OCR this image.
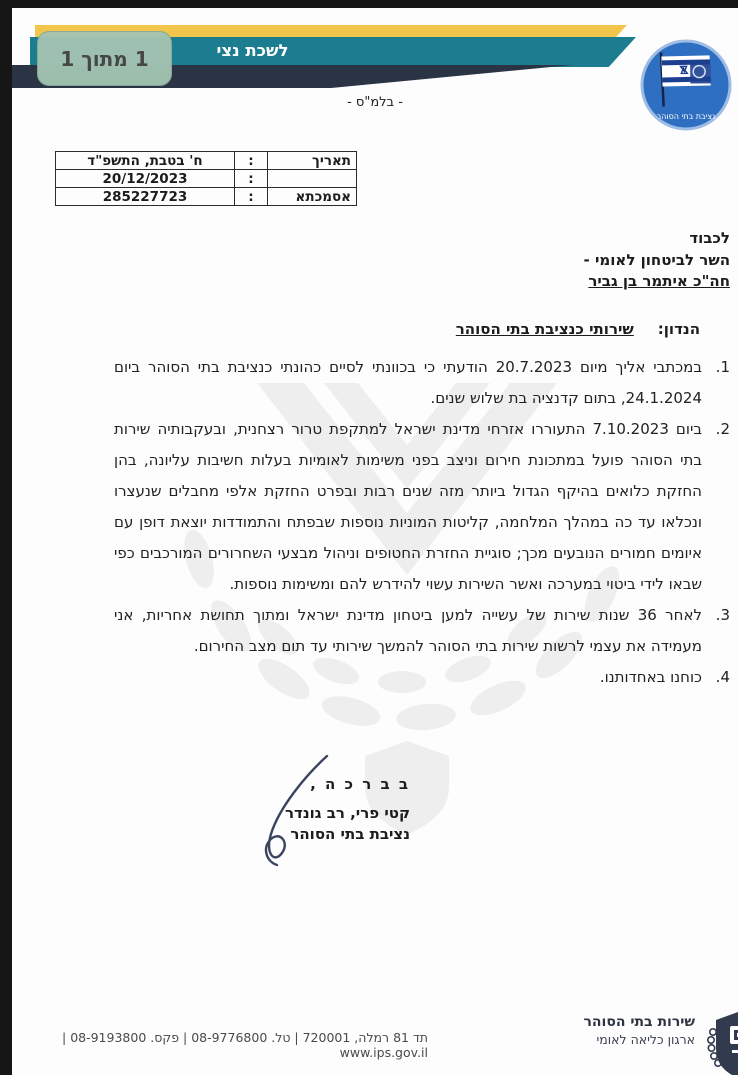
לשכת נצי
1 מתוך 1
- בלמ"ס -
נציבת בתי הסוהר
תאריך	:	ח' בטבת, התשפ"ד
	:	20/12/2023
אסמכתא	:	285227723
לכבוד
השר לביטחון לאומי -
חה"כ איתמר בן גביר
הנדון:
שירותי כנציבת בתי הסוהר
1.
במכתבי אליך מיום 20.7.2023 הודעתי כי בכוונתי לסיים כהונתי כנציבת בתי הסוהר ביום 24.1.2024, בתום קדנציה בת שלוש שנים.
2.
ביום 7.10.2023 התעוררו אזרחי מדינת ישראל למתקפת טרור רצחנית, ובעקבותיה שירות בתי הסוהר פועל במתכונת חירום וניצב בפני משימות לאומיות בעלות חשיבות עליונה, בהן החזקת כלואים בהיקף הגדול ביותר מזה שנים רבות ובפרט החזקת אלפי מחבלים שנעצרו ונכלאו עד כה במהלך המלחמה, קליטות המוניות נוספות שבפתח והתמודדות יוצאת דופן עם איומים חמורים הנובעים מכך; סוגיית החזרת החטופים וניהול מבצעי השחרורים המורכבים כפי שבאו לידי ביטוי במערכה ואשר השירות עשוי להידרש להם ומשימות נוספות.
3.
לאחר 36 שנות שירות של עשייה למען ביטחון מדינת ישראל ומתוך תחושת אחריות, אני מעמידה את עצמי לרשות שירות בתי הסוהר להמשך שירותי עד תום מצב החירום.
4.
כוחנו באחדותנו.
ב ב ר כ ה ,
קטי פרי, רב גונדר
נציבת בתי הסוהר
שירות בתי הסוהר
ארגון כליאה לאומי
תד 81 רמלה, 720001 | טל. 08-9776800 | פקס. 08-9193800 | www.ips.gov.il
